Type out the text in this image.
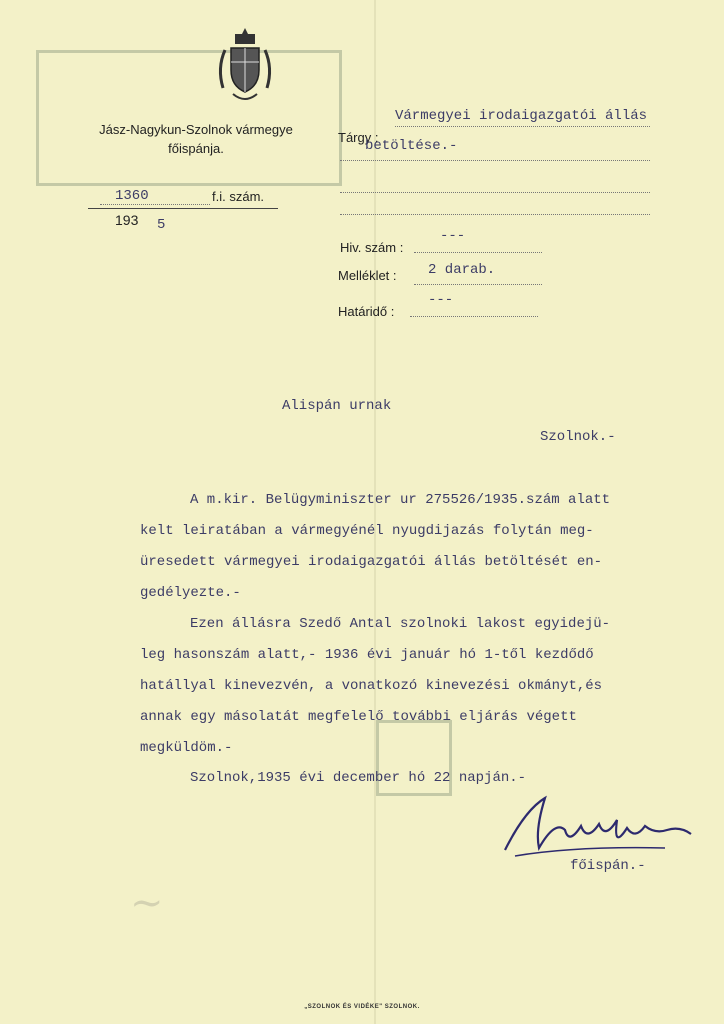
~
Jász-Nagykun-Szolnok vármegye
főispánja.
1360	f.i. szám.
193 5
Tárgy :
Vármegyei irodaigazgatói állás
betöltése.-
Hiv. szám :
---
Melléklet : 2 darab.
Határidő :
---
Alispán urnak
Szolnok.-
A m.kir. Belügyminiszter ur 275526/1935.szám alatt
kelt leiratában a vármegyénél nyugdijazás folytán meg-
üresedett vármegyei irodaigazgatói állás betöltését en-
gedélyezte.-
Ezen állásra Szedő Antal szolnoki lakost egyidejü-
leg hasonszám alatt,- 1936 évi január hó 1-től kezdődő
hatállyal kinevezvén, a vonatkozó kinevezési okmányt,és
annak egy másolatát megfelelő további eljárás végett
megküldöm.-
Szolnok,1935 évi december hó 22 napján.-
főispán.-
„SZOLNOK ÉS VIDÉKE" SZOLNOK.
